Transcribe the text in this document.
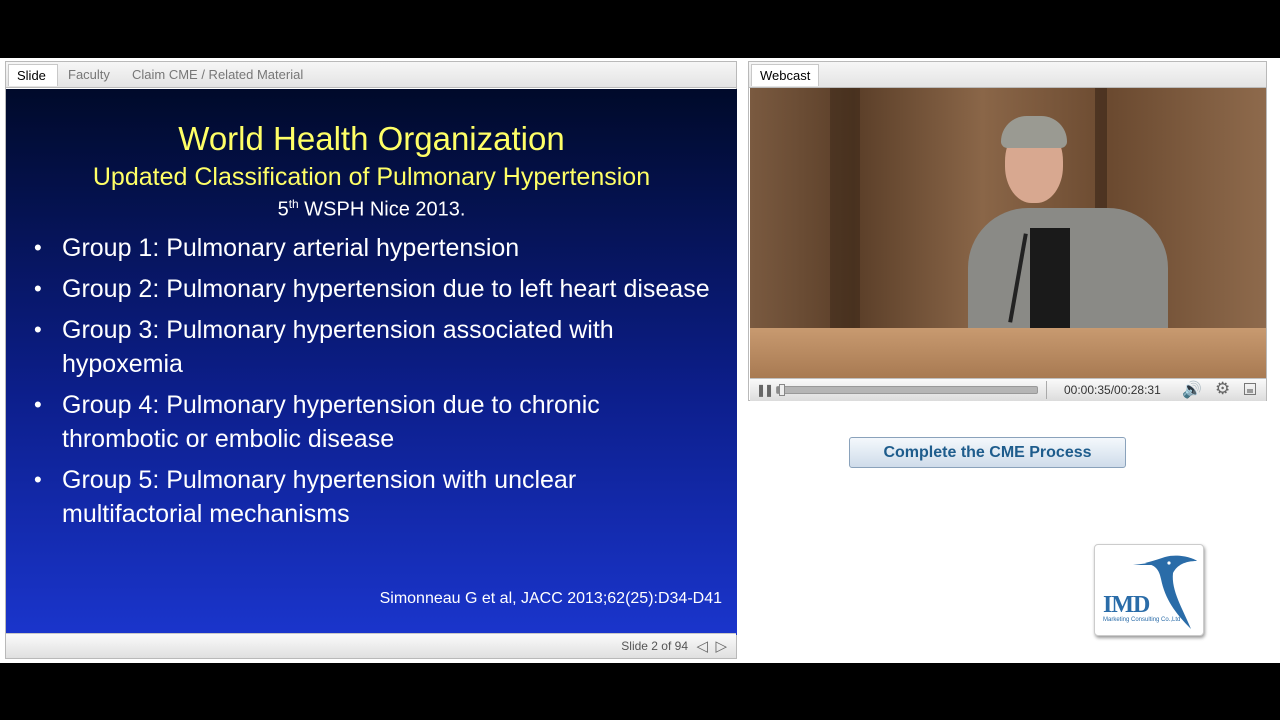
Slide	Faculty	Claim CME / Related Material
World Health Organization
Updated Classification of Pulmonary Hypertension
5th WSPH Nice 2013.
• Group 1: Pulmonary arterial hypertension
• Group 2: Pulmonary hypertension due to left heart disease
• Group 3: Pulmonary hypertension associated with hypoxemia
• Group 4: Pulmonary hypertension due to chronic thrombotic or embolic disease
• Group 5: Pulmonary hypertension with unclear multifactorial mechanisms
Simonneau G et al, JACC 2013;62(25):D34-D41
Slide 2 of 94 ◁ ▷
Webcast
❚❚	00:00:35/00:28:31 🔊 ⚙
Complete the CME Process
IMD
Marketing Consulting Co.,Ltd
